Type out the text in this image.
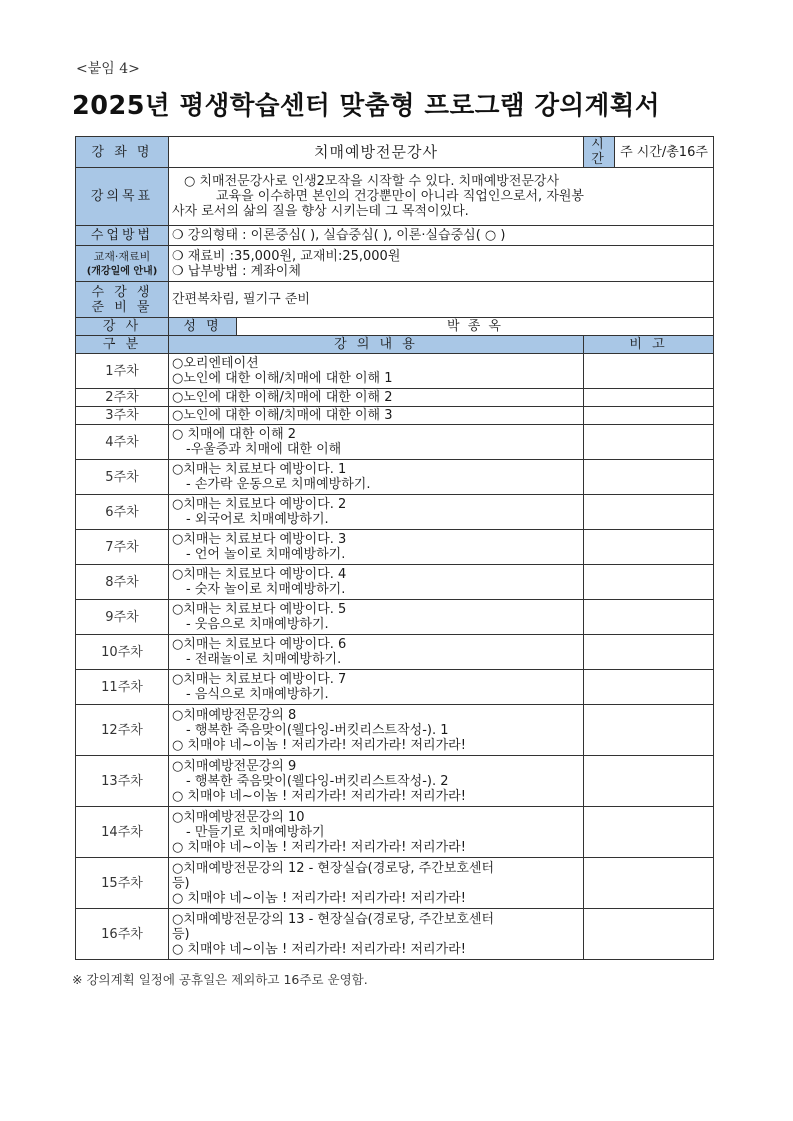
<붙임 4>
2025년 평생학습센터 맞춤형 프로그램 강의계획서
강 좌 명	치매예방전문강사		시 간	주 시간/총16주
강의목표	○ 치매전문강사로 인생2모작을 시작할 수 있다. 치매예방전문강사
교육을 이수하면 본인의 건강뿐만이 아니라 직업인으로서, 자원봉
사자 로서의 삶의 질을 향상 시키는데 그 목적이있다.			

수업방법	❍ 강의형태 : 이론중심( ), 실습중심( ), 이론·실습중심( ○ )			

교재·재료비
(개강일에 안내)	❍ 재료비 :35,000원, 교재비:25,000원
❍ 납부방법 : 계좌이체			

수 강 생
준 비 물	간편복차림, 필기구 준비			
강 사	성 명	박 종 옥		
구 분	강 의 내 용		비 고	
1주차	○오리엔테이션
○노인에 대한 이해/치매에 대한 이해 1			

2주차	○노인에 대한 이해/치매에 대한 이해 2			

3주차	○노인에 대한 이해/치매에 대한 이해 3			

4주차	○ 치매에 대한 이해 2
-우울증과 치매에 대한 이해			

5주차	○치매는 치료보다 예방이다. 1
- 손가락 운동으로 치매예방하기.			

6주차	○치매는 치료보다 예방이다. 2
- 외국어로 치매예방하기.			

7주차	○치매는 치료보다 예방이다. 3
- 언어 놀이로 치매예방하기.			

8주차	○치매는 치료보다 예방이다. 4
- 숫자 놀이로 치매예방하기.			

9주차	○치매는 치료보다 예방이다. 5
- 웃음으로 치매예방하기.			

10주차	○치매는 치료보다 예방이다. 6
- 전래놀이로 치매예방하기.			

11주차	○치매는 치료보다 예방이다. 7
- 음식으로 치매예방하기.			

12주차	○치매예방전문강의 8
- 행복한 죽음맞이(웰다잉-버킷리스트작성-). 1
○ 치매야 네~이놈 ! 저리가라! 저리가라! 저리가라!			

13주차	○치매예방전문강의 9
- 행복한 죽음맞이(웰다잉-버킷리스트작성-). 2
○ 치매야 네~이놈 ! 저리가라! 저리가라! 저리가라!			

14주차	○치매예방전문강의 10
- 만들기로 치매예방하기
○ 치매야 네~이놈 ! 저리가라! 저리가라! 저리가라!			

15주차	○치매예방전문강의 12 - 현장실습(경로당, 주간보호센터
등)
○ 치매야 네~이놈 ! 저리가라! 저리가라! 저리가라!			

16주차	○치매예방전문강의 13 - 현장실습(경로당, 주간보호센터
등)
○ 치매야 네~이놈 ! 저리가라! 저리가라! 저리가라!			

※ 강의계획 일정에 공휴일은 제외하고 16주로 운영함.
